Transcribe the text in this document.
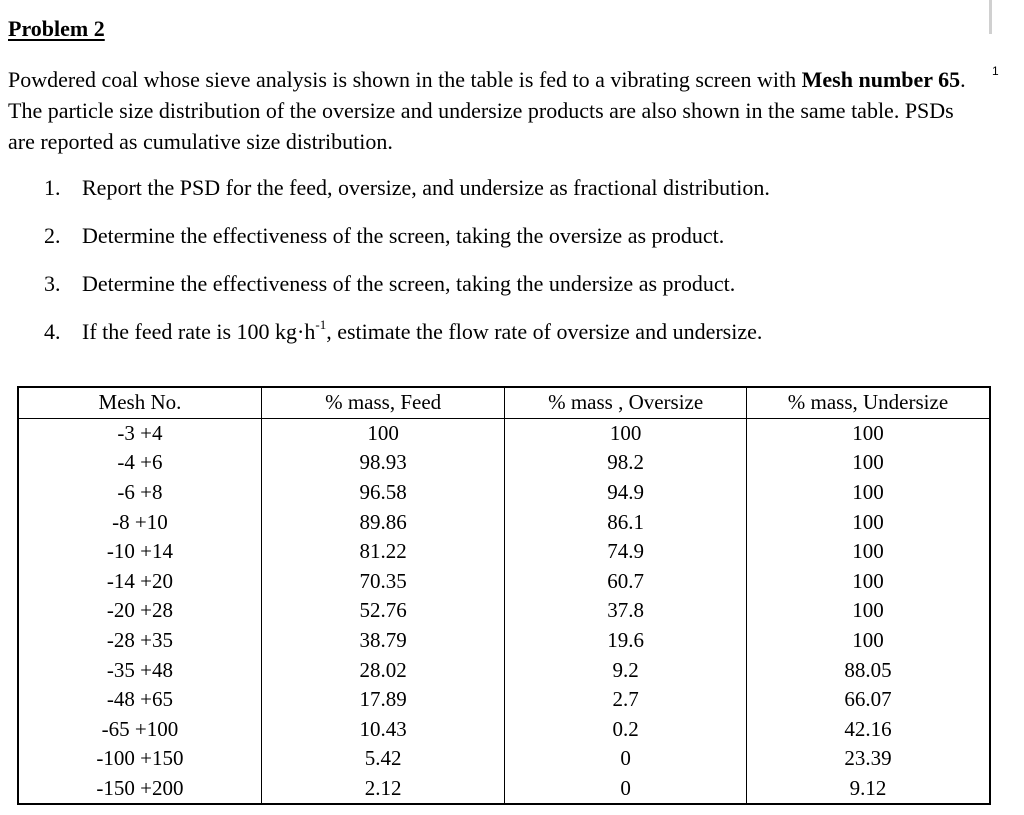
1
Problem 2

Powdered coal whose sieve analysis is shown in the table is fed to a vibrating screen with Mesh number 65. The particle size distribution of the oversize and undersize products are also shown in the same table. PSDs are reported as cumulative size distribution.

1. Report the PSD for the feed, oversize, and undersize as fractional distribution.
2. Determine the effectiveness of the screen, taking the oversize as product.
3. Determine the effectiveness of the screen, taking the undersize as product.
4. If the feed rate is 100 $kg\cdot h^{-1}$, estimate the flow rate of oversize and undersize.
Mesh No.	% mass, Feed	% mass , Oversize	% mass, Undersize
-3 +4	100	100	100
-4 +6	98.93	98.2	100
-6 +8	96.58	94.9	100
-8 +10	89.86	86.1	100
-10 +14	81.22	74.9	100
-14 +20	70.35	60.7	100
-20 +28	52.76	37.8	100
-28 +35	38.79	19.6	100
-35 +48	28.02	9.2	88.05
-48 +65	17.89	2.7	66.07
-65 +100	10.43	0.2	42.16
-100 +150	5.42	0	23.39
-150 +200	2.12	0	9.12
